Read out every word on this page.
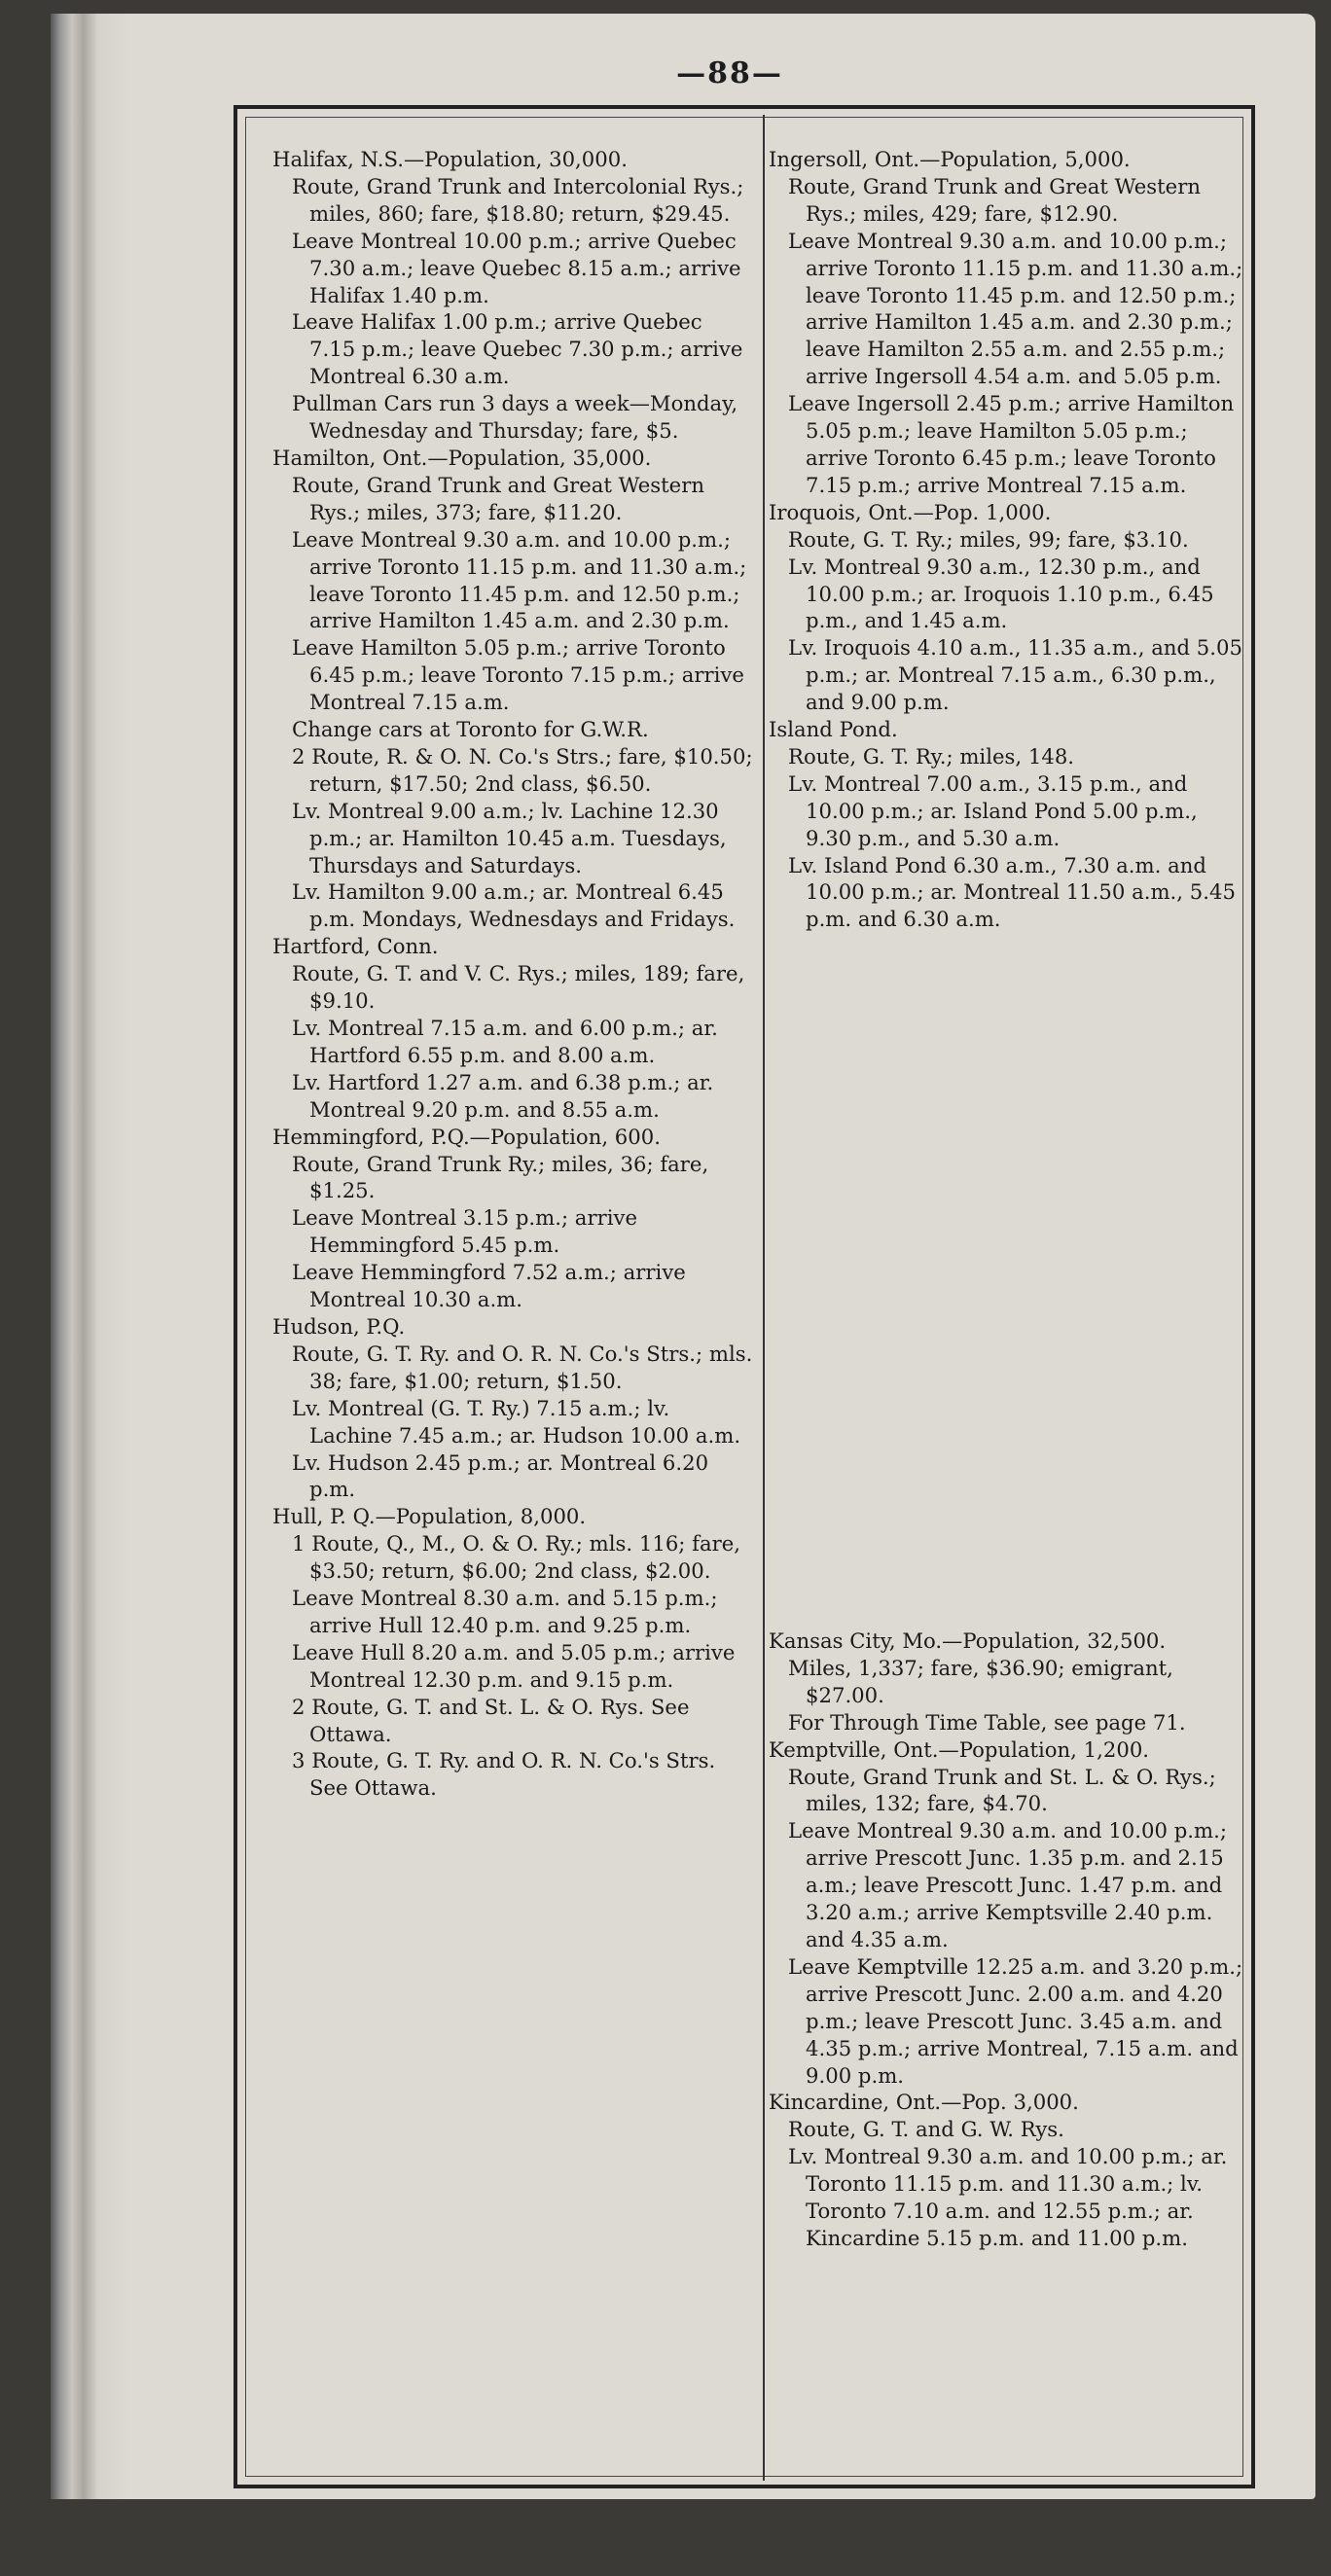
—88—
Halifax, N.S.—Population, 30,000.
Route, Grand Trunk and Intercolonial Rys.; miles, 860; fare, $18.80; return, $29.45.
Leave Montreal 10.00 p.m.; arrive Quebec 7.30 a.m.; leave Quebec 8.15 a.m.; arrive Halifax 1.40 p.m.
Leave Halifax 1.00 p.m.; arrive Quebec 7.15 p.m.; leave Quebec 7.30 p.m.; arrive Montreal 6.30 a.m.
Pullman Cars run 3 days a week—Monday, Wednesday and Thursday; fare, $5.
Hamilton, Ont.—Population, 35,000.
Route, Grand Trunk and Great Western Rys.; miles, 373; fare, $11.20.
Leave Montreal 9.30 a.m. and 10.00 p.m.; arrive Toronto 11.15 p.m. and 11.30 a.m.; leave Toronto 11.45 p.m. and 12.50 p.m.; arrive Hamilton 1.45 a.m. and 2.30 p.m.
Leave Hamilton 5.05 p.m.; arrive Toronto 6.45 p.m.; leave Toronto 7.15 p.m.; arrive Montreal 7.15 a.m.
Change cars at Toronto for G.W.R.
2 Route, R. & O. N. Co.'s Strs.; fare, $10.50; return, $17.50; 2nd class, $6.50.
Lv. Montreal 9.00 a.m.; lv. Lachine 12.30 p.m.; ar. Hamilton 10.45 a.m. Tuesdays, Thursdays and Saturdays.
Lv. Hamilton 9.00 a.m.; ar. Montreal 6.45 p.m. Mondays, Wednesdays and Fridays.
Hartford, Conn.
Route, G. T. and V. C. Rys.; miles, 189; fare, $9.10.
Lv. Montreal 7.15 a.m. and 6.00 p.m.; ar. Hartford 6.55 p.m. and 8.00 a.m.
Lv. Hartford 1.27 a.m. and 6.38 p.m.; ar. Montreal 9.20 p.m. and 8.55 a.m.
Hemmingford, P.Q.—Population, 600.
Route, Grand Trunk Ry.; miles, 36; fare, $1.25.
Leave Montreal 3.15 p.m.; arrive Hemmingford 5.45 p.m.
Leave Hemmingford 7.52 a.m.; arrive Montreal 10.30 a.m.
Hudson, P.Q.
Route, G. T. Ry. and O. R. N. Co.'s Strs.; mls. 38; fare, $1.00; return, $1.50.
Lv. Montreal (G. T. Ry.) 7.15 a.m.; lv. Lachine 7.45 a.m.; ar. Hudson 10.00 a.m.
Lv. Hudson 2.45 p.m.; ar. Montreal 6.20 p.m.
Hull, P. Q.—Population, 8,000.
1 Route, Q., M., O. & O. Ry.; mls. 116; fare, $3.50; return, $6.00; 2nd class, $2.00.
Leave Montreal 8.30 a.m. and 5.15 p.m.; arrive Hull 12.40 p.m. and 9.25 p.m.
Leave Hull 8.20 a.m. and 5.05 p.m.; arrive Montreal 12.30 p.m. and 9.15 p.m.
2 Route, G. T. and St. L. & O. Rys. See Ottawa.
3 Route, G. T. Ry. and O. R. N. Co.'s Strs. See Ottawa.
Ingersoll, Ont.—Population, 5,000.
Route, Grand Trunk and Great Western Rys.; miles, 429; fare, $12.90.
Leave Montreal 9.30 a.m. and 10.00 p.m.; arrive Toronto 11.15 p.m. and 11.30 a.m.; leave Toronto 11.45 p.m. and 12.50 p.m.; arrive Hamilton 1.45 a.m. and 2.30 p.m.; leave Hamilton 2.55 a.m. and 2.55 p.m.; arrive Ingersoll 4.54 a.m. and 5.05 p.m.
Leave Ingersoll 2.45 p.m.; arrive Hamilton 5.05 p.m.; leave Hamilton 5.05 p.m.; arrive Toronto 6.45 p.m.; leave Toronto 7.15 p.m.; arrive Montreal 7.15 a.m.
Iroquois, Ont.—Pop. 1,000.
Route, G. T. Ry.; miles, 99; fare, $3.10.
Lv. Montreal 9.30 a.m., 12.30 p.m., and 10.00 p.m.; ar. Iroquois 1.10 p.m., 6.45 p.m., and 1.45 a.m.
Lv. Iroquois 4.10 a.m., 11.35 a.m., and 5.05 p.m.; ar. Montreal 7.15 a.m., 6.30 p.m., and 9.00 p.m.
Island Pond.
Route, G. T. Ry.; miles, 148.
Lv. Montreal 7.00 a.m., 3.15 p.m., and 10.00 p.m.; ar. Island Pond 5.00 p.m., 9.30 p.m., and 5.30 a.m.
Lv. Island Pond 6.30 a.m., 7.30 a.m. and 10.00 p.m.; ar. Montreal 11.50 a.m., 5.45 p.m. and 6.30 a.m.
Kansas City, Mo.—Population, 32,500.
Miles, 1,337; fare, $36.90; emigrant, $27.00.
For Through Time Table, see page 71.
Kemptville, Ont.—Population, 1,200.
Route, Grand Trunk and St. L. & O. Rys.; miles, 132; fare, $4.70.
Leave Montreal 9.30 a.m. and 10.00 p.m.; arrive Prescott Junc. 1.35 p.m. and 2.15 a.m.; leave Prescott Junc. 1.47 p.m. and 3.20 a.m.; arrive Kemptsville 2.40 p.m. and 4.35 a.m.
Leave Kemptville 12.25 a.m. and 3.20 p.m.; arrive Prescott Junc. 2.00 a.m. and 4.20 p.m.; leave Prescott Junc. 3.45 a.m. and 4.35 p.m.; arrive Montreal, 7.15 a.m. and 9.00 p.m.
Kincardine, Ont.—Pop. 3,000.
Route, G. T. and G. W. Rys.
Lv. Montreal 9.30 a.m. and 10.00 p.m.; ar. Toronto 11.15 p.m. and 11.30 a.m.; lv. Toronto 7.10 a.m. and 12.55 p.m.; ar. Kincardine 5.15 p.m. and 11.00 p.m.
